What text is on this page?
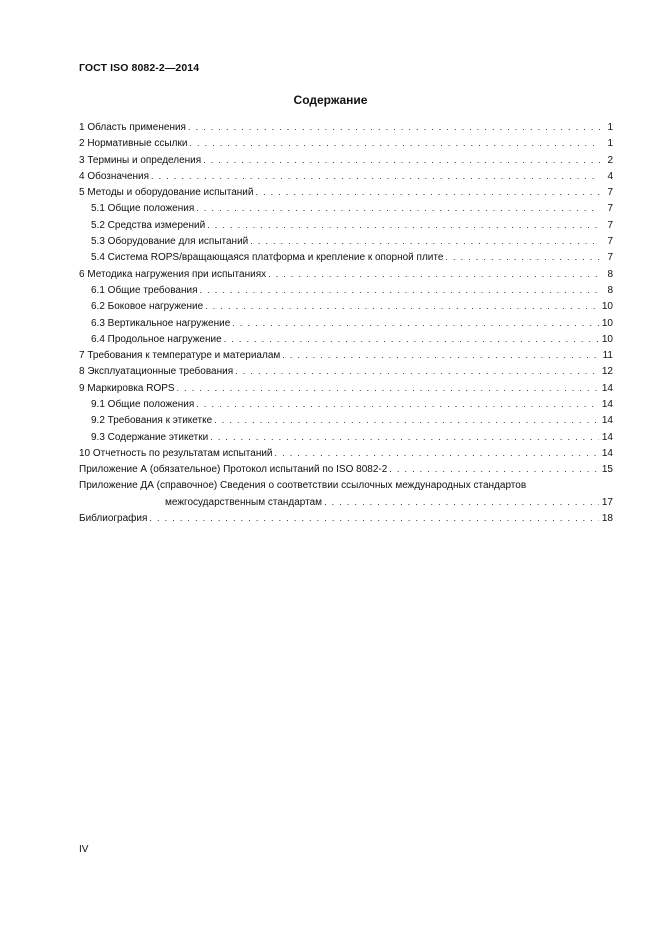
ГОСТ ISO 8082-2—2014
Содержание
1 Область применения . . .	1
2 Нормативные ссылки . . .	1
3 Термины и определения . . .	2
4 Обозначения . . .	4
5 Методы и оборудование испытаний . . .	7
5.1 Общие положения . . .	7
5.2 Средства измерений . . .	7
5.3 Оборудование для испытаний . . .	7
5.4 Система ROPS/вращающаяся платформа и крепление к опорной плите . . .	7
6 Методика нагружения при испытаниях . . .	8
6.1 Общие требования . . .	8
6.2 Боковое нагружение . . .	10
6.3 Вертикальное нагружение . . .	10
6.4 Продольное нагружение . . .	10
7 Требования к температуре и материалам . . .	11
8 Эксплуатационные требования . . .	12
9 Маркировка ROPS . . .	14
9.1 Общие положения . . .	14
9.2 Требования к этикетке . . .	14
9.3 Содержание этикетки . . .	14
10 Отчетность по результатам испытаний . . .	14
Приложение А (обязательное) Протокол испытаний по ISO 8082-2 . . .	15
Приложение ДА (справочное) Сведения о соответствии ссылочных международных стандартов
межгосударственным стандартам . . .	17
Библиография . . .	18
IV
